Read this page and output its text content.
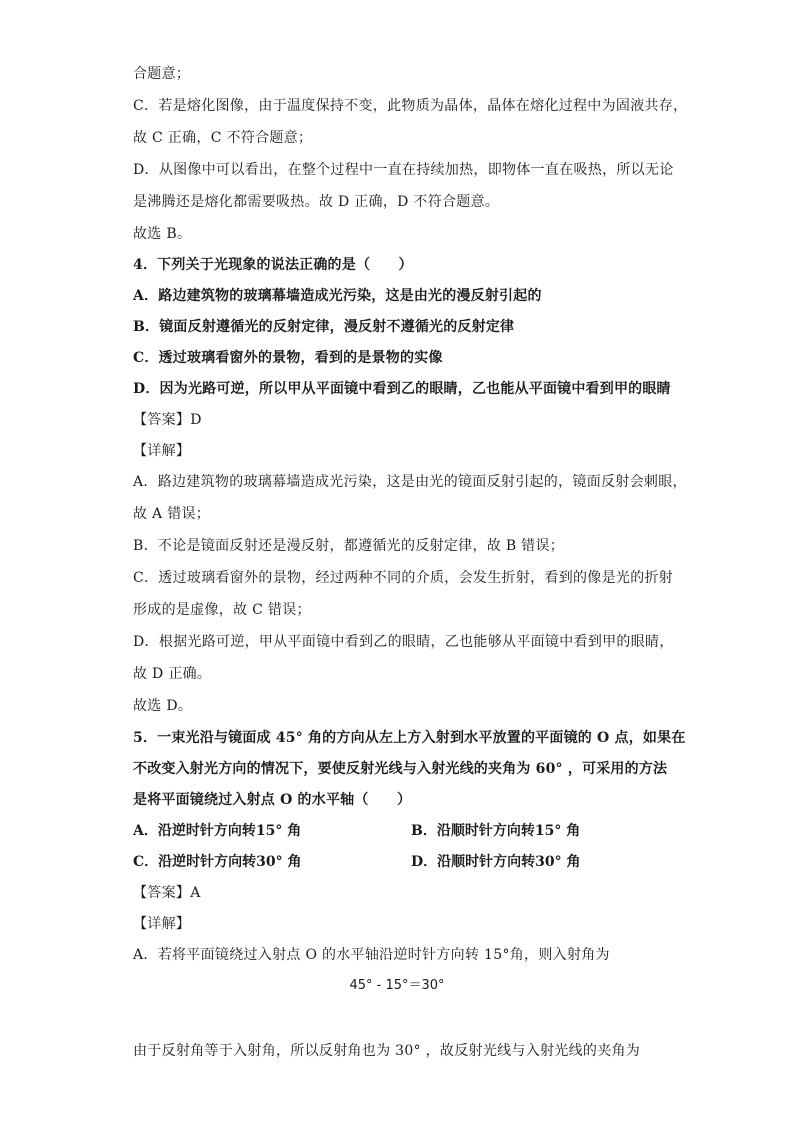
合题意；
C．若是熔化图像，由于温度保持不变，此物质为晶体，晶体在熔化过程中为固液共存，
故 C 正确，C 不符合题意；
D．从图像中可以看出，在整个过程中一直在持续加热，即物体一直在吸热，所以无论
是沸腾还是熔化都需要吸热。故 D 正确，D 不符合题意。
故选 B。
4．下列关于光现象的说法正确的是（　　）
A．路边建筑物的玻璃幕墙造成光污染，这是由光的漫反射引起的
B．镜面反射遵循光的反射定律，漫反射不遵循光的反射定律
C．透过玻璃看窗外的景物，看到的是景物的实像
D．因为光路可逆，所以甲从平面镜中看到乙的眼睛，乙也能从平面镜中看到甲的眼睛
【答案】D
【详解】
A．路边建筑物的玻璃幕墙造成光污染，这是由光的镜面反射引起的，镜面反射会刺眼，
故 A 错误；
B．不论是镜面反射还是漫反射，都遵循光的反射定律，故 B 错误；
C．透过玻璃看窗外的景物，经过两种不同的介质，会发生折射，看到的像是光的折射
形成的是虚像，故 C 错误；
D．根据光路可逆，甲从平面镜中看到乙的眼睛，乙也能够从平面镜中看到甲的眼睛，
故 D 正确。
故选 D。
5．一束光沿与镜面成 45° 角的方向从左上方入射到水平放置的平面镜的 O 点，如果在
不改变入射光方向的情况下，要使反射光线与入射光线的夹角为 60° ，可采用的方法
是将平面镜绕过入射点 O 的水平轴（　　）
A．沿逆时针方向转15° 角	B．沿顺时针方向转15° 角
C．沿逆时针方向转30° 角	D．沿顺时针方向转30° 角
【答案】A
【详解】
A．若将平面镜绕过入射点 O 的水平轴沿逆时针方向转 15°角，则入射角为
45° - 15°＝30°
由于反射角等于入射角，所以反射角也为 30° ，故反射光线与入射光线的夹角为
